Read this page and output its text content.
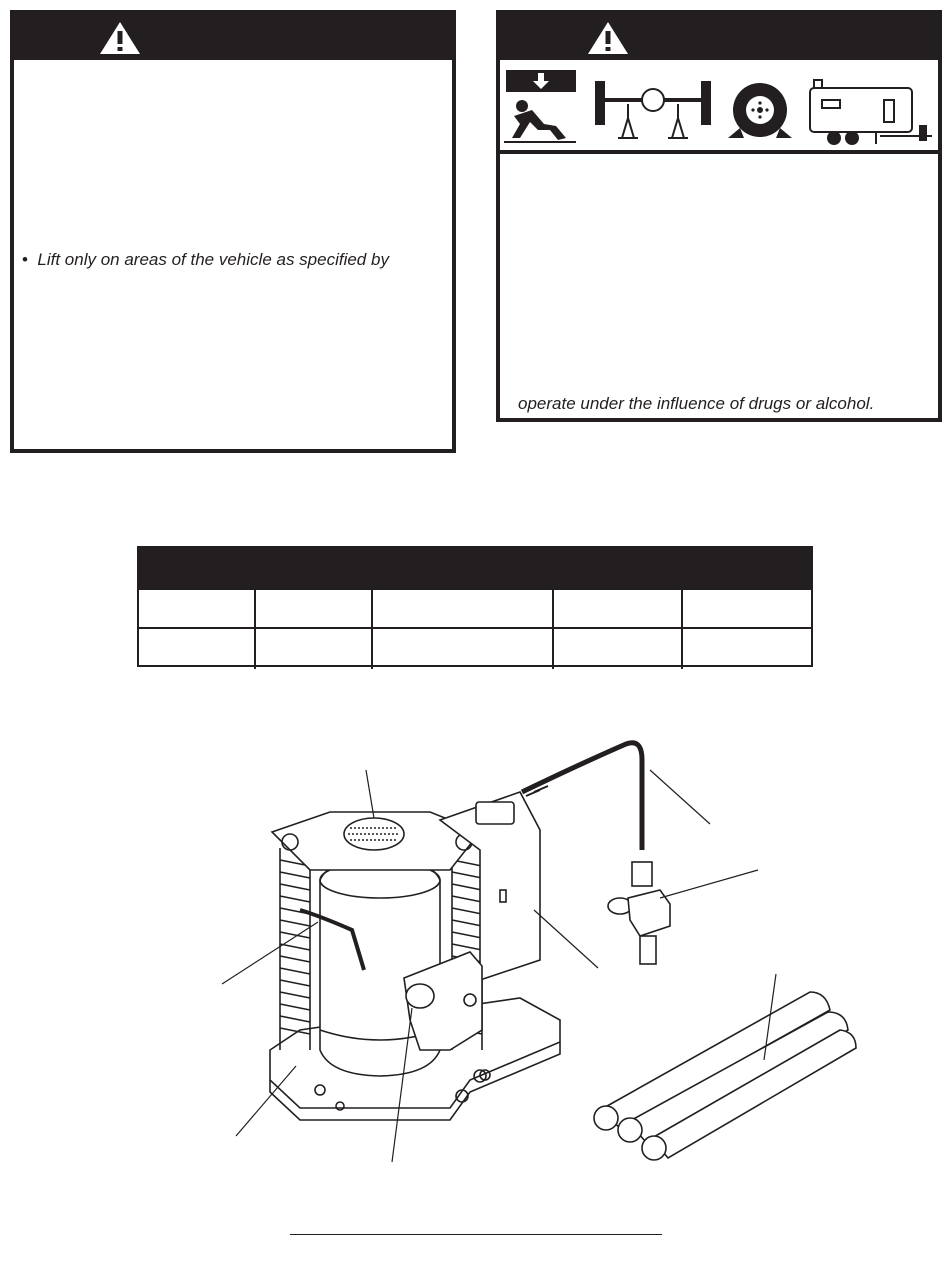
•  Lift only on areas of the vehicle as specified by
operate under the influence of drugs or alcohol.
